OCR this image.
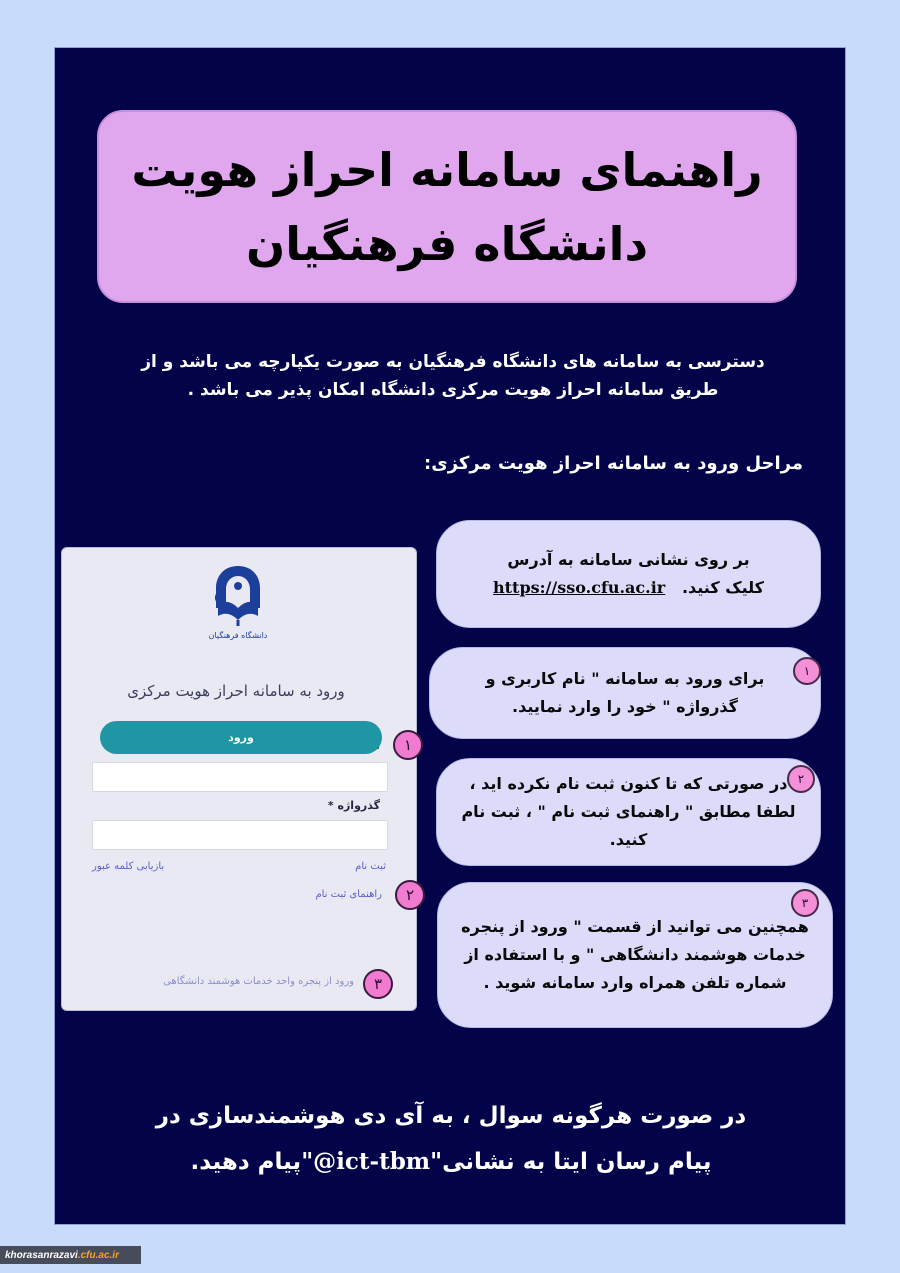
راهنمای سامانه احراز هویت
دانشگاه فرهنگیان
دسترسی به سامانه های دانشگاه فرهنگیان به صورت یکپارچه می باشد و از
طریق سامانه احراز هویت مرکزی دانشگاه امکان پذیر می باشد .
مراحل ورود به سامانه احراز هویت مرکزی:
دانشگاه فرهنگیان
ورود به سامانه احراز هویت مرکزی
گذرواژه *
ثبت نام
بازیابی کلمه عبور
راهنمای ثبت نام
ورود
ورود از پنجره واحد خدمات هوشمند دانشگاهی
١
٢
٣
بر روی نشانی سامانه به آدرس
کلیک کنید.   https://sso.cfu.ac.ir
برای ورود به سامانه " نام کاربری و گذرواژه " خود را وارد نمایید.
١
در صورتی که تا کنون ثبت نام نکرده اید ، لطفا مطابق " راهنمای ثبت نام " ، ثبت نام کنید.
٢
همچنین می توانید از قسمت " ورود از پنجره خدمات هوشمند دانشگاهی " و با استفاده از شماره تلفن همراه وارد سامانه شوید .
٣
در صورت هرگونه سوال ، به آی دی هوشمندسازی در
پیام رسان ایتا به نشانی"@ict-tbm"پیام دهید.
khorasanrazavi .cfu.ac.ir
